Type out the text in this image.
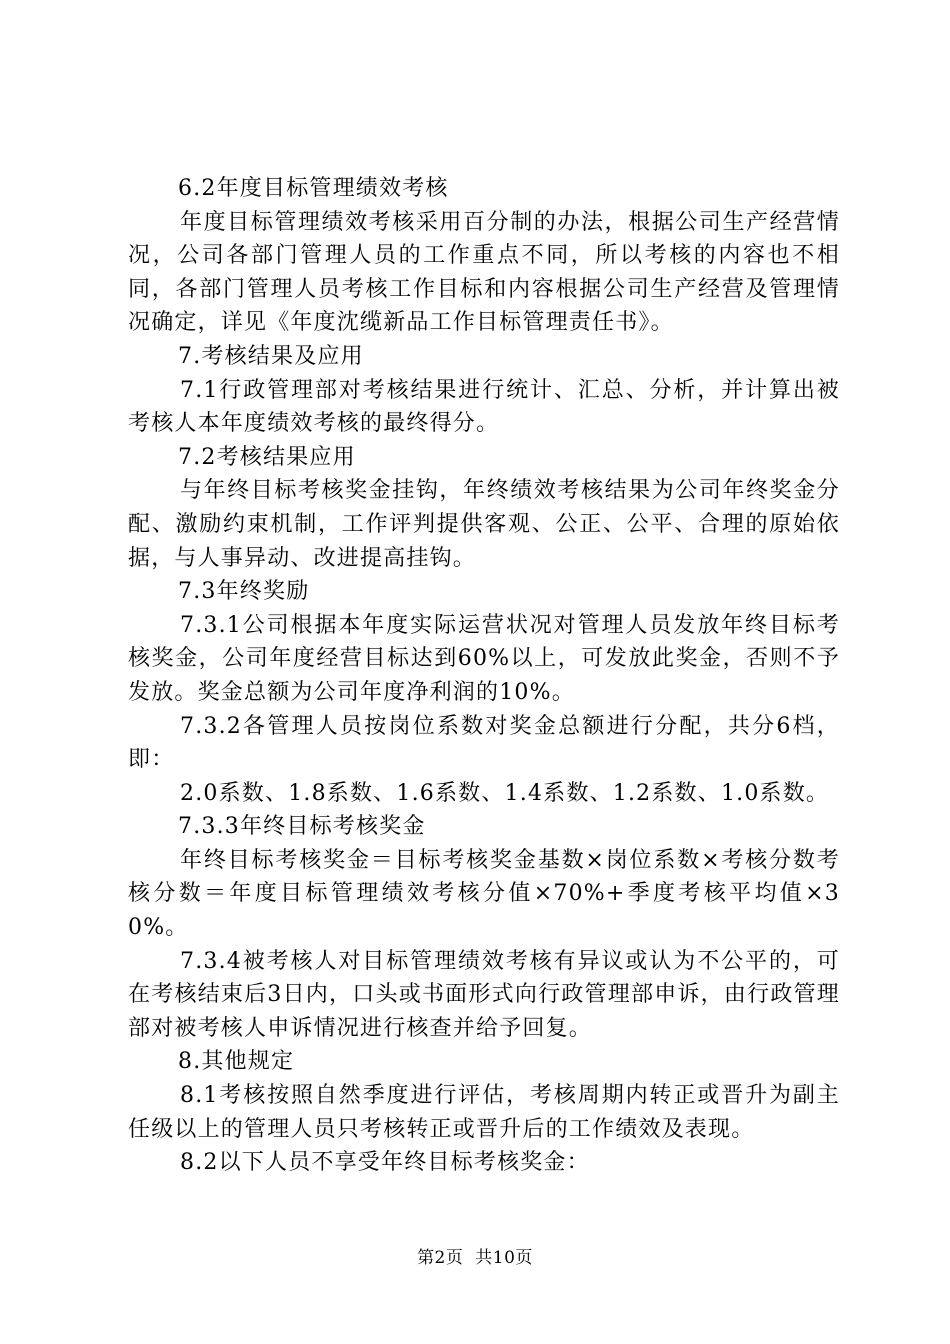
6.2年度目标管理绩效考核

年度目标管理绩效考核采用百分制的办法，根据公司生产经营情况，公司各部门管理人员的工作重点不同，所以考核的内容也不相同，各部门管理人员考核工作目标和内容根据公司生产经营及管理情况确定，详见《年度沈缆新品工作目标管理责任书》。

7.考核结果及应用

7.1行政管理部对考核结果进行统计、汇总、分析，并计算出被考核人本年度绩效考核的最终得分。

7.2考核结果应用

与年终目标考核奖金挂钩，年终绩效考核结果为公司年终奖金分配、激励约束机制，工作评判提供客观、公正、公平、合理的原始依据，与人事异动、改进提高挂钩。

7.3年终奖励

7.3.1公司根据本年度实际运营状况对管理人员发放年终目标考核奖金，公司年度经营目标达到60%以上，可发放此奖金，否则不予发放。奖金总额为公司年度净利润的10%。

7.3.2各管理人员按岗位系数对奖金总额进行分配，共分6档，即：

2.0系数、1.8系数、1.6系数、1.4系数、1.2系数、1.0系数。

7.3.3年终目标考核奖金

年终目标考核奖金＝目标考核奖金基数×岗位系数×考核分数考核分数＝年度目标管理绩效考核分值×70%+季度考核平均值×30%。

7.3.4被考核人对目标管理绩效考核有异议或认为不公平的，可在考核结束后3日内，口头或书面形式向行政管理部申诉，由行政管理部对被考核人申诉情况进行核查并给予回复。

8.其他规定

8.1考核按照自然季度进行评估，考核周期内转正或晋升为副主任级以上的管理人员只考核转正或晋升后的工作绩效及表现。

8.2以下人员不享受年终目标考核奖金：

第2页 共10页
